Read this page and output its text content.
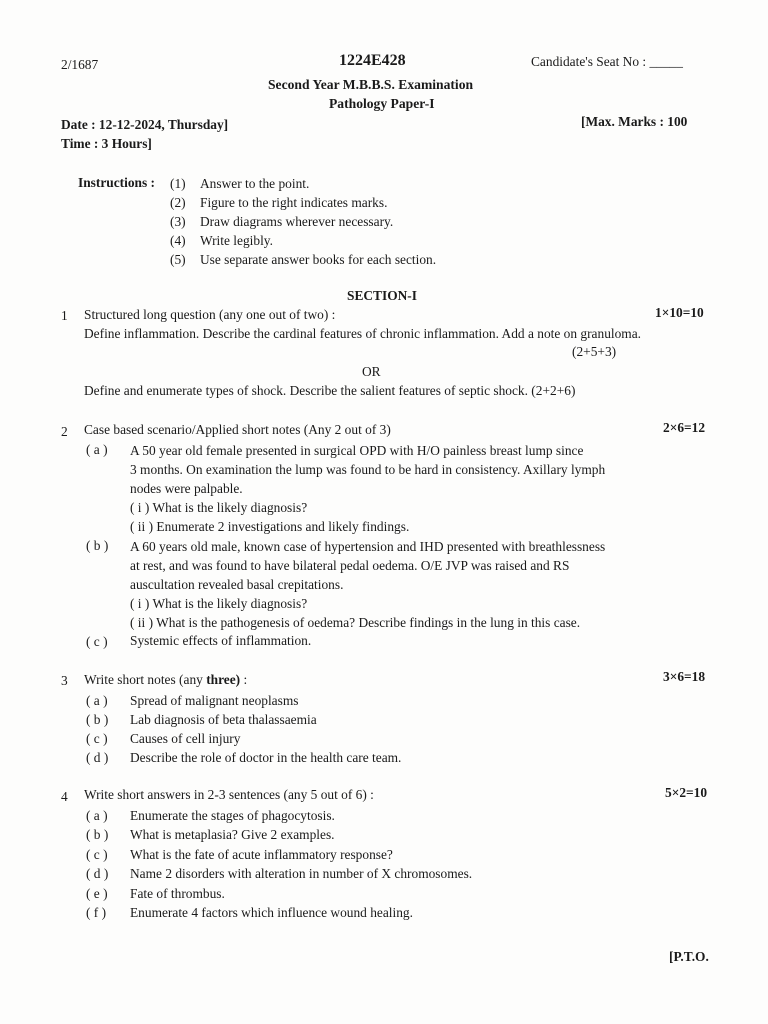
2/1687	1224E428	Candidate's Seat No : _____
Second Year M.B.B.S. Examination
Pathology Paper-I
Date : 12-12-2024, Thursday]
Time : 3 Hours]
[Max. Marks : 100
Instructions : (1) Answer to the point.
(2) Figure to the right indicates marks.
(3) Draw diagrams wherever necessary.
(4) Write legibly.
(5) Use separate answer books for each section.
SECTION-I
1 Structured long question (any one out of two) :	1×10=10
Define inflammation. Describe the cardinal features of chronic inflammation. Add a note on granuloma.
(2+5+3)
OR
Define and enumerate types of shock. Describe the salient features of septic shock. (2+2+6)
2 Case based scenario/Applied short notes (Any 2 out of 3)	2×6=12
( a ) A 50 year old female presented in surgical OPD with H/O painless breast lump since
3 months. On examination the lump was found to be hard in consistency. Axillary lymph
nodes were palpable.
( i ) What is the likely diagnosis?
( ii ) Enumerate 2 investigations and likely findings.
( b ) A 60 years old male, known case of hypertension and IHD presented with breathlessness
at rest, and was found to have bilateral pedal oedema. O/E JVP was raised and RS
auscultation revealed basal crepitations.
( i ) What is the likely diagnosis?
( ii ) What is the pathogenesis of oedema? Describe findings in the lung in this case.
( c ) Systemic effects of inflammation.
3 Write short notes (any three) :	3×6=18
( a ) Spread of malignant neoplasms
( b ) Lab diagnosis of beta thalassaemia
( c ) Causes of cell injury
( d ) Describe the role of doctor in the health care team.
4 Write short answers in 2-3 sentences (any 5 out of 6) :	5×2=10
( a ) Enumerate the stages of phagocytosis.
( b ) What is metaplasia? Give 2 examples.
( c ) What is the fate of acute inflammatory response?
( d ) Name 2 disorders with alteration in number of X chromosomes.
( e ) Fate of thrombus.
( f ) Enumerate 4 factors which influence wound healing.
[P.T.O.
